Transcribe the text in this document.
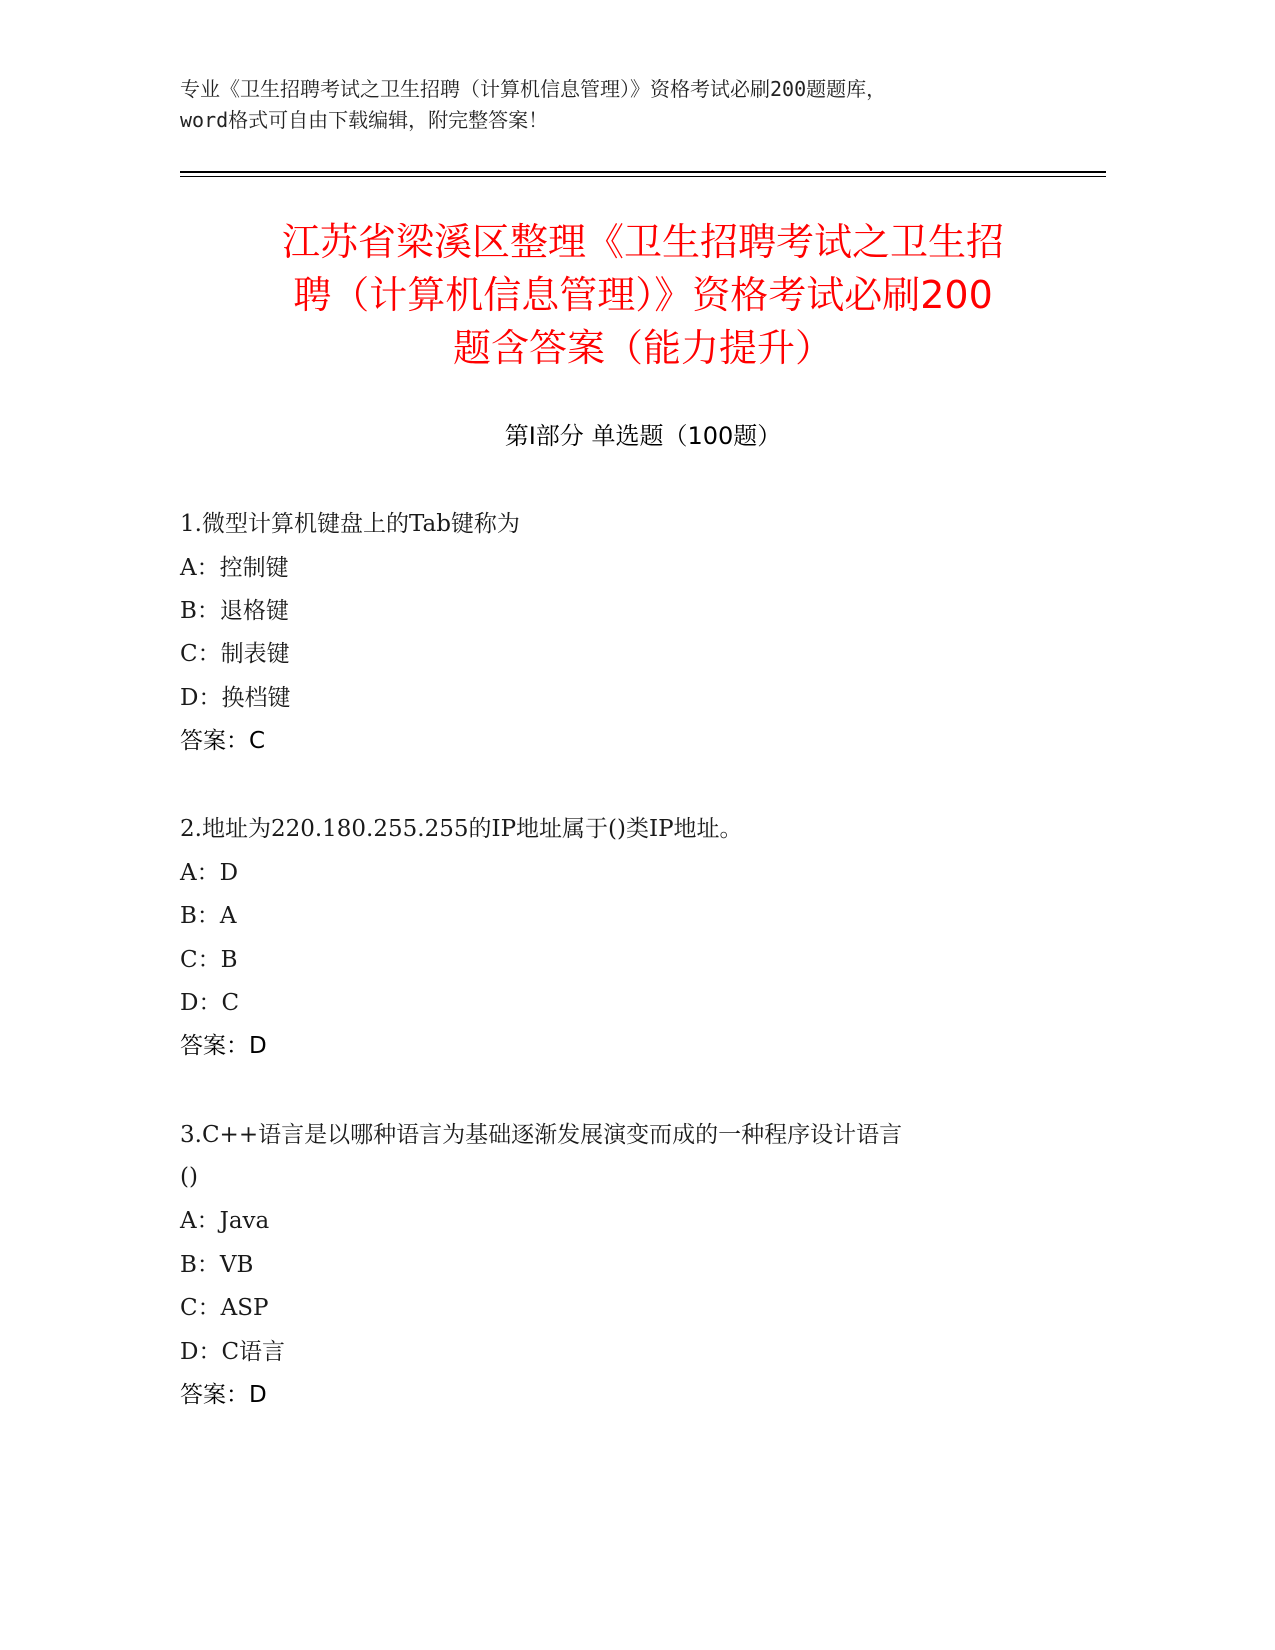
专业《卫生招聘考试之卫生招聘（计算机信息管理）》资格考试必刷200题题库，
word格式可自由下载编辑，附完整答案！
江苏省梁溪区整理《卫生招聘考试之卫生招
聘（计算机信息管理）》资格考试必刷200
题含答案（能力提升）
第Ⅰ部分 单选题（100题）
1.微型计算机键盘上的Tab键称为
A：控制键
B：退格键
C：制表键
D：换档键
答案：C
2.地址为220.180.255.255的IP地址属于()类IP地址。
A：D
B：A
C：B
D：C
答案：D
3.C++语言是以哪种语言为基础逐渐发展演变而成的一种程序设计语言
()
A：Java
B：VB
C：ASP
D：C语言
答案：D
